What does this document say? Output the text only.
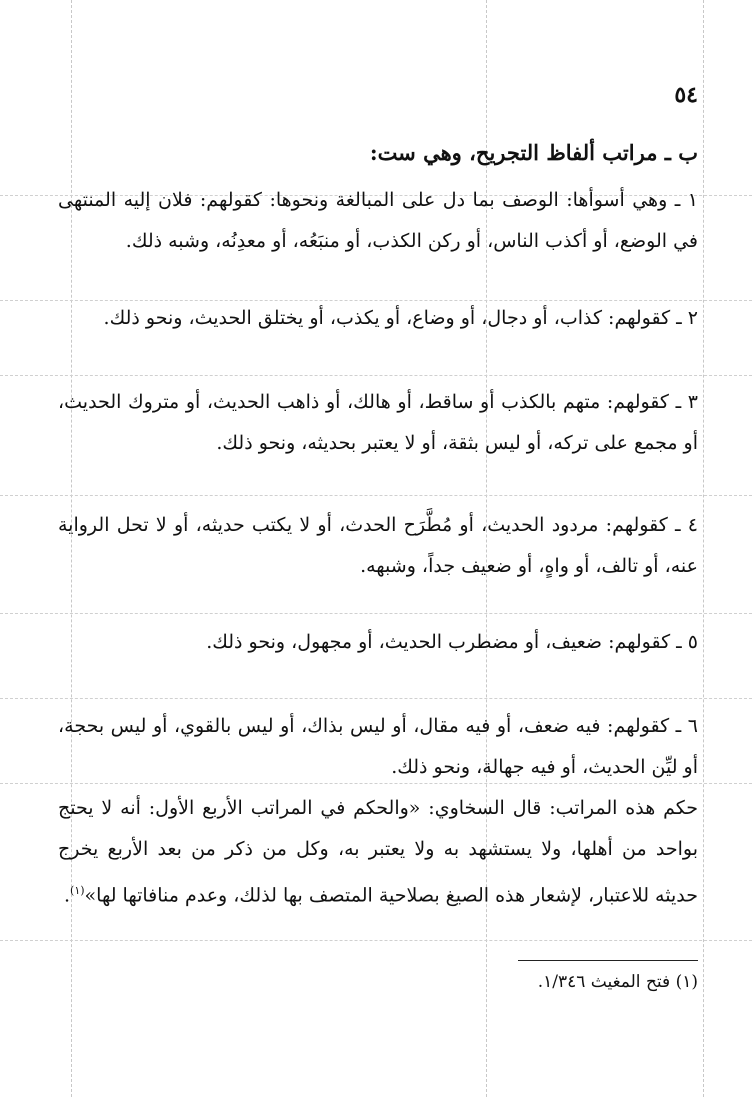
٥٤
ب ـ مراتب ألفاظ التجريح، وهي ست:

١ ـ وهي أسوأها: الوصف بما دل على المبالغة ونحوها: كقولهم: فلان إليه المنتهى في الوضع، أو أكذب الناس، أو ركن الكذب، أو منبَعُه، أو معدِنُه، وشبه ذلك.

٢ ـ كقولهم: كذاب، أو دجال، أو وضاع، أو يكذب، أو يختلق الحديث، ونحو ذلك.

٣ ـ كقولهم: متهم بالكذب أو ساقط، أو هالك، أو ذاهب الحديث، أو متروك الحديث، أو مجمع على تركه، أو ليس بثقة، أو لا يعتبر بحديثه، ونحو ذلك.

٤ ـ كقولهم: مردود الحديث، أو مُطَّرَح الحدث، أو لا يكتب حديثه، أو لا تحل الرواية عنه، أو تالف، أو واهٍ، أو ضعيف جداً، وشبهه.

٥ ـ كقولهم: ضعيف، أو مضطرب الحديث، أو مجهول، ونحو ذلك.

٦ ـ كقولهم: فيه ضعف، أو فيه مقال، أو ليس بذاك، أو ليس بالقوي، أو ليس بحجة، أو ليِّن الحديث، أو فيه جهالة، ونحو ذلك.

حكم هذه المراتب: قال السخاوي: «والحكم في المراتب الأربع الأول: أنه لا يحتج بواحد من أهلها، ولا يستشهد به ولا يعتبر به، وكل من ذكر من بعد الأربع يخرج حديثه للاعتبار، لإشعار هذه الصيغ بصلاحية المتصف بها لذلك، وعدم منافاتها لها»$^{(١)}$.

(١) فتح المغيث ١/٣٤٦.
